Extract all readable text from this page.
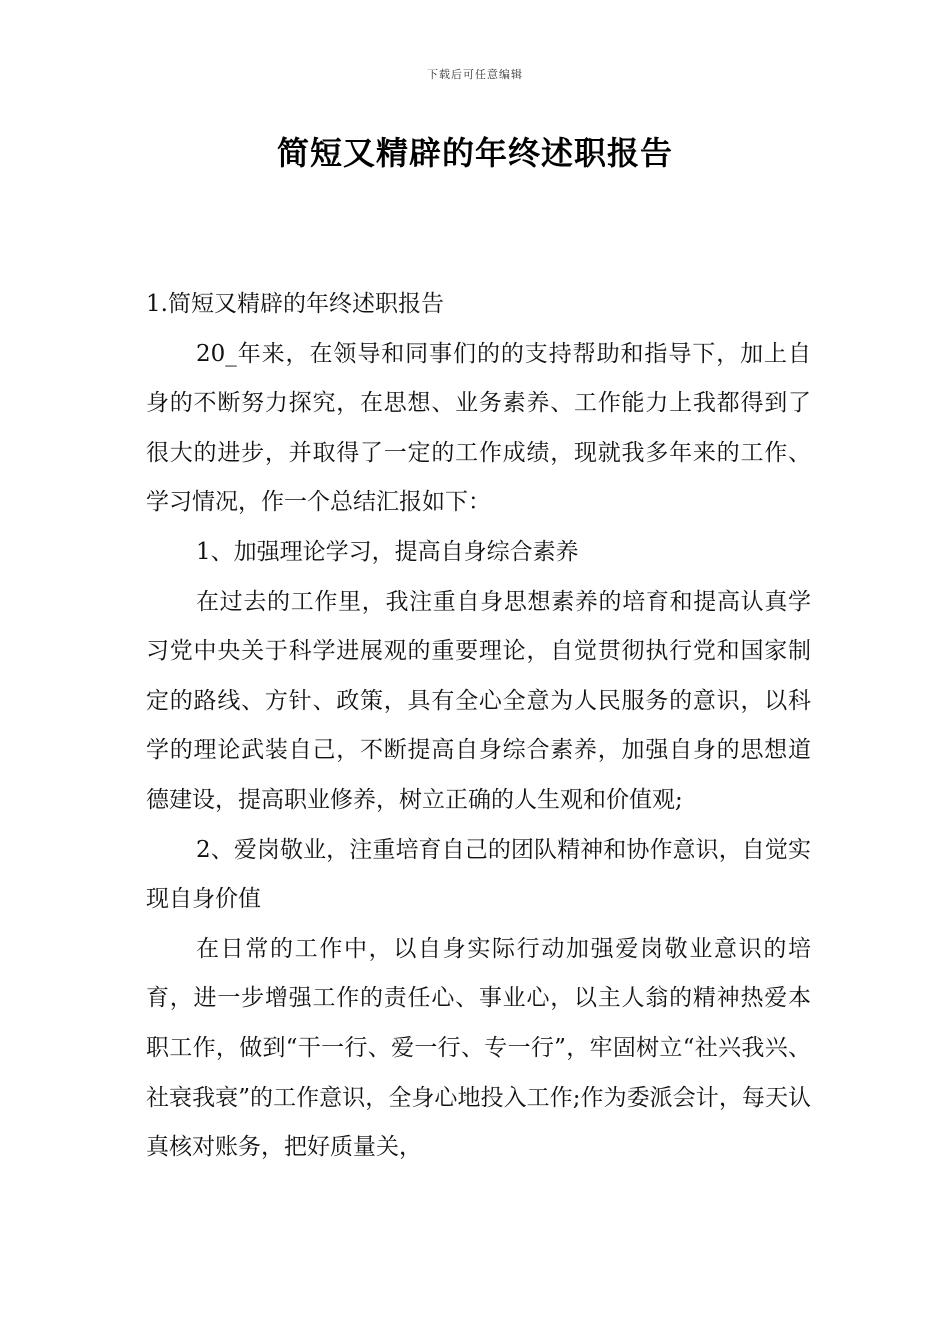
下载后可任意编辑
简短又精辟的年终述职报告

1.简短又精辟的年终述职报告

20_年来，在领导和同事们的的支持帮助和指导下，加上自身的不断努力探究，在思想、业务素养、工作能力上我都得到了很大的进步，并取得了一定的工作成绩，现就我多年来的工作、学习情况，作一个总结汇报如下：

1、加强理论学习，提高自身综合素养

在过去的工作里，我注重自身思想素养的培育和提高认真学习党中央关于科学进展观的重要理论，自觉贯彻执行党和国家制定的路线、方针、政策，具有全心全意为人民服务的意识，以科学的理论武装自己，不断提高自身综合素养，加强自身的思想道德建设，提高职业修养，树立正确的人生观和价值观;

2、爱岗敬业，注重培育自己的团队精神和协作意识，自觉实现自身价值

在日常的工作中，以自身实际行动加强爱岗敬业意识的培育，进一步增强工作的责任心、事业心，以主人翁的精神热爱本职工作，做到“干一行、爱一行、专一行”，牢固树立“社兴我兴、社衰我衰”的工作意识，全身心地投入工作;作为委派会计，每天认真核对账务，把好质量关，
